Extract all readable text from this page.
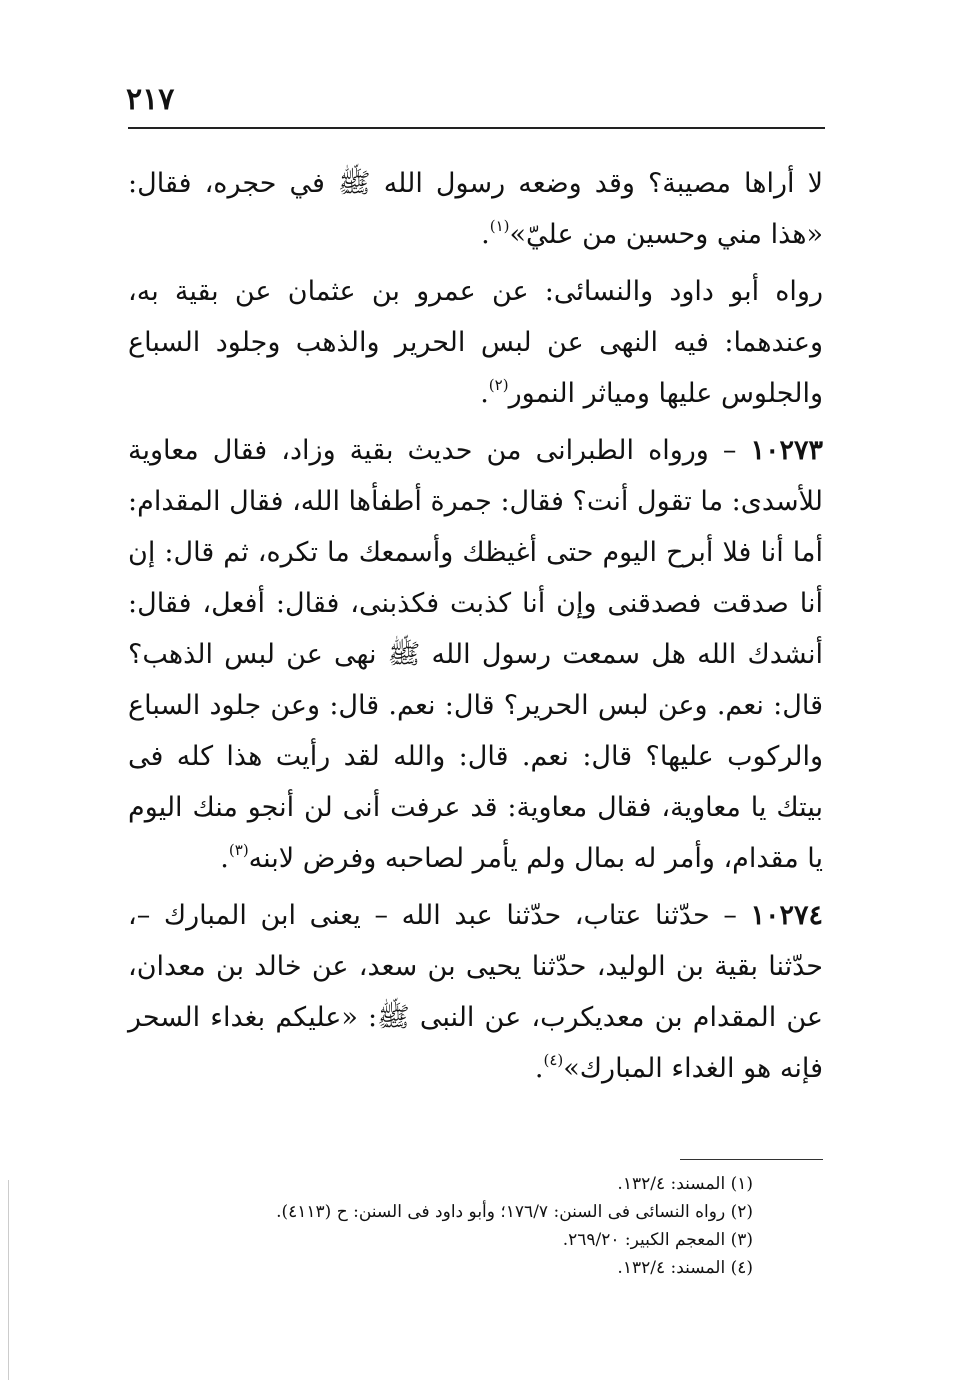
٢١٧

لا أراها مصيبة؟ وقد وضعه رسول الله ﷺ في حجره، فقال: «هذا مني وحسين من عليّ»$^{(١)}$.

رواه أبو داود والنسائى: عن عمرو بن عثمان عن بقية به، وعندهما: فيه النهى عن لبس الحرير والذهب وجلود السباع والجلوس عليها ومياثر النمور$^{(٢)}$.

١٠٢٧٣ – ورواه الطبرانى من حديث بقية وزاد، فقال معاوية للأسدى: ما تقول أنت؟ فقال: جمرة أطفأها الله، فقال المقدام: أما أنا فلا أبرح اليوم حتى أغيظك وأسمعك ما تكره، ثم قال: إن أنا صدقت فصدقنى وإن أنا كذبت فكذبنى، فقال: أفعل، فقال: أنشدك الله هل سمعت رسول الله ﷺ نهى عن لبس الذهب؟ قال: نعم. وعن لبس الحرير؟ قال: نعم. قال: وعن جلود السباع والركوب عليها؟ قال: نعم. قال: والله لقد رأيت هذا كله فى بيتك يا معاوية، فقال معاوية: قد عرفت أنى لن أنجو منك اليوم يا مقدام، وأمر له بمال ولم يأمر لصاحبه وفرض لابنه$^{(٣)}$.

١٠٢٧٤ – حدّثنا عتاب، حدّثنا عبد الله – يعنى ابن المبارك –، حدّثنا بقية بن الوليد، حدّثنا يحيى بن سعد، عن خالد بن معدان، عن المقدام بن معديكرب، عن النبى ﷺ: «عليكم بغداء السحر فإنه هو الغداء المبارك»$^{(٤)}$.

(١) المسند: ١٣٢/٤.

(٢) رواه النسائى فى السنن: ١٧٦/٧؛ وأبو داود فى السنن: ح (٤١١٣).

(٣) المعجم الكبير: ٢٦٩/٢٠.

(٤) المسند: ١٣٢/٤.
